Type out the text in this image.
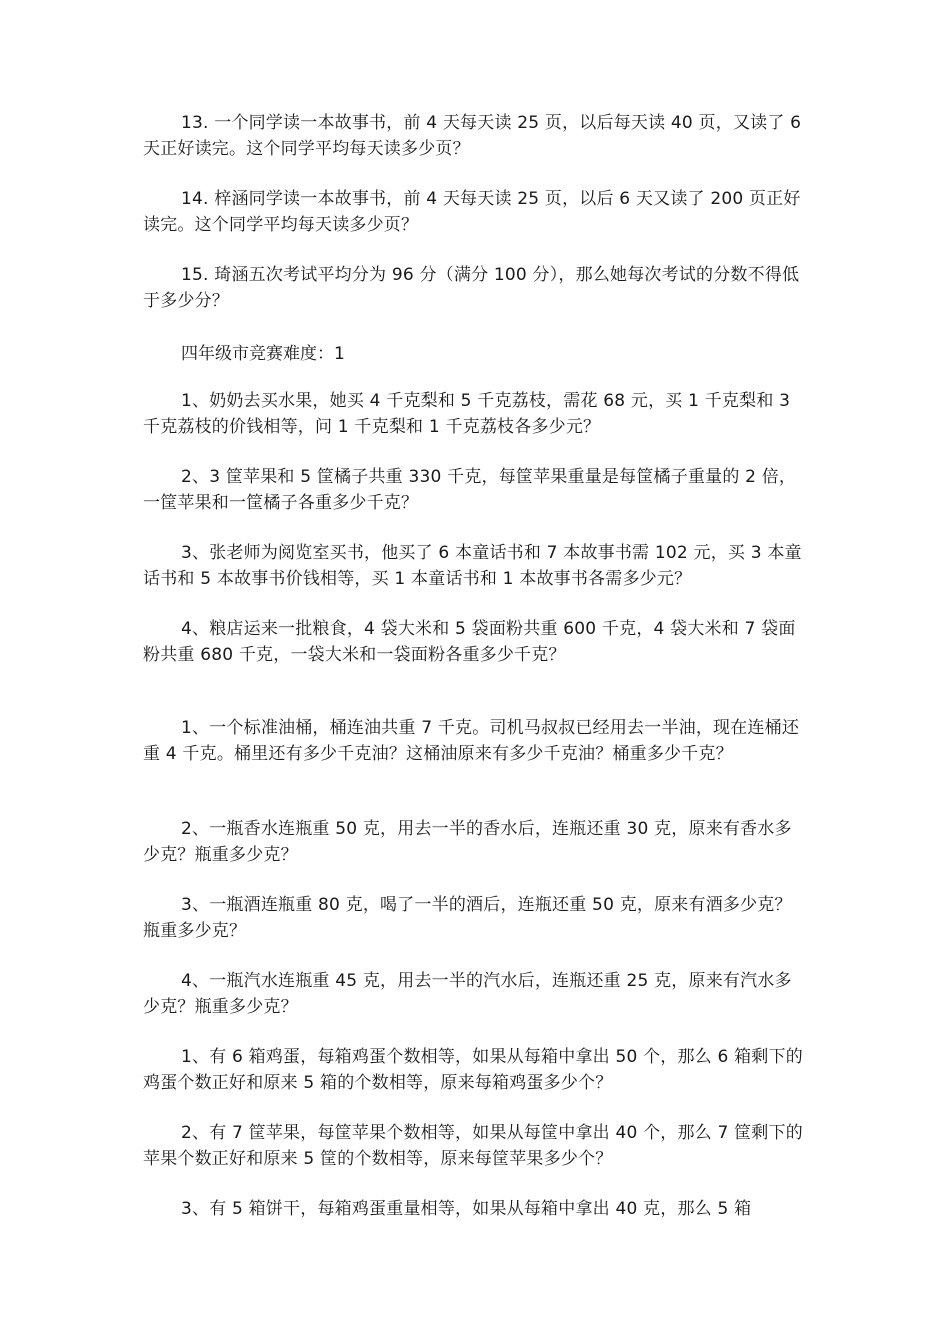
13. 一个同学读一本故事书，前 4 天每天读 25 页，以后每天读 40 页，又读了 6 天正好读完。这个同学平均每天读多少页？

14. 梓涵同学读一本故事书，前 4 天每天读 25 页，以后 6 天又读了 200 页正好读完。这个同学平均每天读多少页？

15. 琦涵五次考试平均分为 96 分（满分 100 分），那么她每次考试的分数不得低于多少分？

四年级市竞赛难度：1

1、奶奶去买水果，她买 4 千克梨和 5 千克荔枝，需花 68 元，买 1 千克梨和 3 千克荔枝的价钱相等，问 1 千克梨和 1 千克荔枝各多少元？

2、3 筐苹果和 5 筐橘子共重 330 千克，每筐苹果重量是每筐橘子重量的 2 倍，一筐苹果和一筐橘子各重多少千克？

3、张老师为阅览室买书，他买了 6 本童话书和 7 本故事书需 102 元，买 3 本童话书和 5 本故事书价钱相等，买 1 本童话书和 1 本故事书各需多少元？

4、粮店运来一批粮食，4 袋大米和 5 袋面粉共重 600 千克，4 袋大米和 7 袋面粉共重 680 千克，一袋大米和一袋面粉各重多少千克？

1、一个标准油桶，桶连油共重 7 千克。司机马叔叔已经用去一半油，现在连桶还重 4 千克。桶里还有多少千克油？这桶油原来有多少千克油？桶重多少千克？

2、一瓶香水连瓶重 50 克，用去一半的香水后，连瓶还重 30 克，原来有香水多少克？瓶重多少克？

3、一瓶酒连瓶重 80 克，喝了一半的酒后，连瓶还重 50 克，原来有酒多少克？瓶重多少克？

4、一瓶汽水连瓶重 45 克，用去一半的汽水后，连瓶还重 25 克，原来有汽水多少克？瓶重多少克？

1、有 6 箱鸡蛋，每箱鸡蛋个数相等，如果从每箱中拿出 50 个，那么 6 箱剩下的鸡蛋个数正好和原来 5 箱的个数相等，原来每箱鸡蛋多少个？

2、有 7 筐苹果，每筐苹果个数相等，如果从每筐中拿出 40 个，那么 7 筐剩下的苹果个数正好和原来 5 筐的个数相等，原来每筐苹果多少个？

3、有 5 箱饼干，每箱鸡蛋重量相等，如果从每箱中拿出 40 克，那么 5 箱
